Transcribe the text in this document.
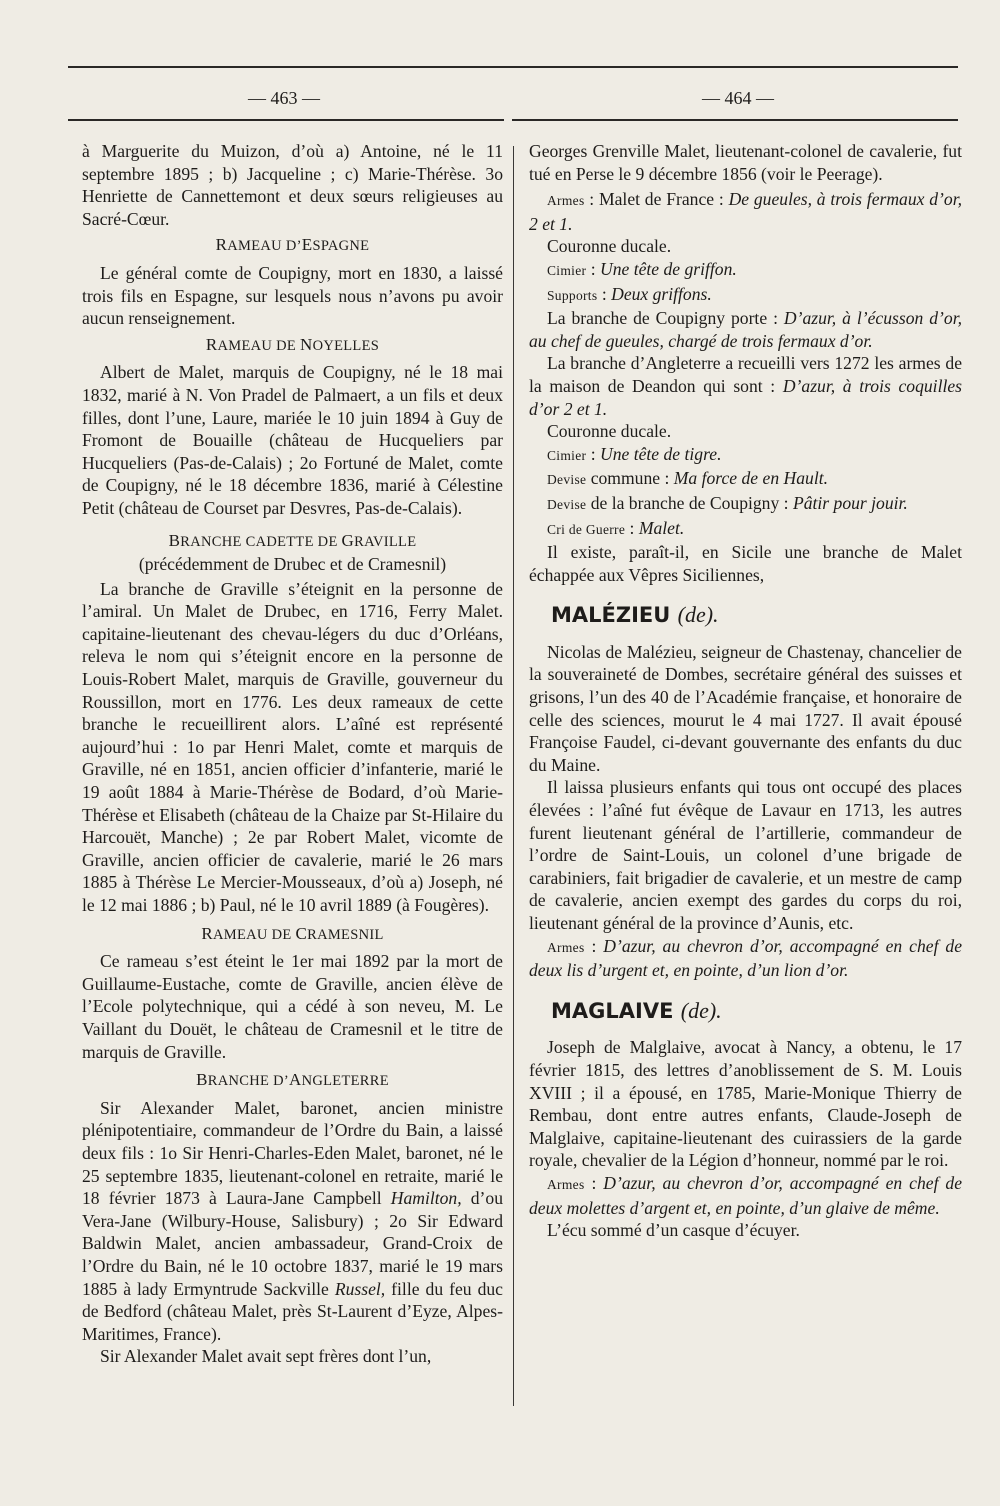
— 463 —	— 464 —

à Marguerite du Muizon, d’où a) Antoine, né le 11 septembre 1895 ; b) Jacqueline ; c) Marie-Thérèse. 3o Henriette de Cannettemont et deux sœurs religieuses au Sacré-Cœur.

RAMEAU D’ESPAGNE

Le général comte de Coupigny, mort en 1830, a laissé trois fils en Espagne, sur lesquels nous n’avons pu avoir aucun renseignement.

RAMEAU DE NOYELLES

Albert de Malet, marquis de Coupigny, né le 18 mai 1832, marié à N. Von Pradel de Palmaert, a un fils et deux filles, dont l’une, Laure, mariée le 10 juin 1894 à Guy de Fromont de Bouaille (château de Hucqueliers par Hucqueliers (Pas-de-Calais) ; 2o Fortuné de Malet, comte de Coupigny, né le 18 décembre 1836, marié à Célestine Petit (château de Courset par Desvres, Pas-de-Calais).

BRANCHE CADETTE DE GRAVILLE

(précédemment de Drubec et de Cramesnil)

La branche de Graville s’éteignit en la personne de l’amiral. Un Malet de Drubec, en 1716, Ferry Malet. capitaine-lieutenant des chevau-légers du duc d’Orléans, releva le nom qui s’éteignit encore en la personne de Louis-Robert Malet, marquis de Graville, gouverneur du Roussillon, mort en 1776. Les deux rameaux de cette branche le recueillirent alors. L’aîné est représenté aujourd’hui : 1o par Henri Malet, comte et marquis de Graville, né en 1851, ancien officier d’infanterie, marié le 19 août 1884 à Marie-Thérèse de Bodard, d’où Marie-Thérèse et Elisabeth (château de la Chaize par St-Hilaire du Harcouët, Manche) ; 2e par Robert Malet, vicomte de Graville, ancien officier de cavalerie, marié le 26 mars 1885 à Thérèse Le Mercier-Mousseaux, d’où a) Joseph, né le 12 mai 1886 ; b) Paul, né le 10 avril 1889 (à Fougères).

RAMEAU DE CRAMESNIL

Ce rameau s’est éteint le 1er mai 1892 par la mort de Guillaume-Eustache, comte de Graville, ancien élève de l’Ecole polytechnique, qui a cédé à son neveu, M. Le Vaillant du Douët, le château de Cramesnil et le titre de marquis de Graville.

BRANCHE D’ANGLETERRE

Sir Alexander Malet, baronet, ancien ministre plénipotentiaire, commandeur de l’Ordre du Bain, a laissé deux fils : 1o Sir Henri-Charles-Eden Malet, baronet, né le 25 septembre 1835, lieutenant-colonel en retraite, marié le 18 février 1873 à Laura-Jane Campbell Hamilton, d’ou Vera-Jane (Wilbury-House, Salisbury) ; 2o Sir Edward Baldwin Malet, ancien ambassadeur, Grand-Croix de l’Ordre du Bain, né le 10 octobre 1837, marié le 19 mars 1885 à lady Ermyntrude Sackville Russel, fille du feu duc de Bedford (château Malet, près St-Laurent d’Eyze, Alpes-Maritimes, France).

Sir Alexander Malet avait sept frères dont l’un,

Georges Grenville Malet, lieutenant-colonel de cavalerie, fut tué en Perse le 9 décembre 1856 (voir le Peerage).

Armes : Malet de France : De gueules, à trois fermaux d’or, 2 et 1.

Couronne ducale.

Cimier : Une tête de griffon.

Supports : Deux griffons.

La branche de Coupigny porte : D’azur, à l’écusson d’or, au chef de gueules, chargé de trois fermaux d’or.

La branche d’Angleterre a recueilli vers 1272 les armes de la maison de Deandon qui sont : D’azur, à trois coquilles d’or 2 et 1.

Couronne ducale.

Cimier : Une tête de tigre.

Devise commune : Ma force de en Hault.

Devise de la branche de Coupigny : Pâtir pour jouir.

Cri de Guerre : Malet.

Il existe, paraît-il, en Sicile une branche de Malet échappée aux Vêpres Siciliennes,

MALÉZIEU (de).

Nicolas de Malézieu, seigneur de Chastenay, chancelier de la souveraineté de Dombes, secrétaire général des suisses et grisons, l’un des 40 de l’Académie française, et honoraire de celle des sciences, mourut le 4 mai 1727. Il avait épousé Françoise Faudel, ci-devant gouvernante des enfants du duc du Maine.

Il laissa plusieurs enfants qui tous ont occupé des places élevées : l’aîné fut évêque de Lavaur en 1713, les autres furent lieutenant général de l’artillerie, commandeur de l’ordre de Saint-Louis, un colonel d’une brigade de carabiniers, fait brigadier de cavalerie, et un mestre de camp de cavalerie, ancien exempt des gardes du corps du roi, lieutenant général de la province d’Aunis, etc.

Armes : D’azur, au chevron d’or, accompagné en chef de deux lis d’urgent et, en pointe, d’un lion d’or.

MAGLAIVE (de).

Joseph de Malglaive, avocat à Nancy, a obtenu, le 17 février 1815, des lettres d’anoblissement de S. M. Louis XVIII ; il a épousé, en 1785, Marie-Monique Thierry de Rembau, dont entre autres enfants, Claude-Joseph de Malglaive, capitaine-lieutenant des cuirassiers de la garde royale, chevalier de la Légion d’honneur, nommé par le roi.

Armes : D’azur, au chevron d’or, accompagné en chef de deux molettes d’argent et, en pointe, d’un glaive de même.

L’écu sommé d’un casque d’écuyer.
